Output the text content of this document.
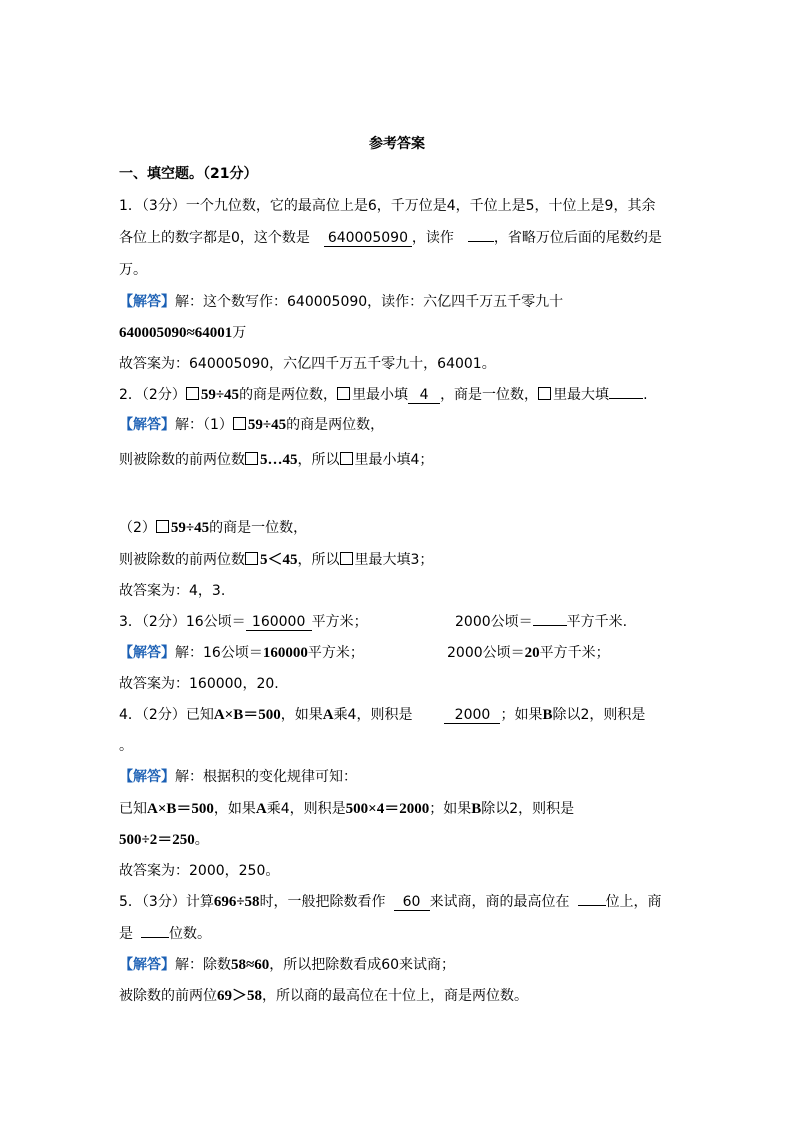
参考答案
一、填空题。（21分）
1．（3分）一个九位数，它的最高位上是6，千万位是4，千位上是5，十位上是9，其余
各位上的数字都是0，这个数是 640005090 ，读作	，省略万位后面的尾数约是
万。
【解答】解：这个数写作：640005090，读作：六亿四千万五千零九十
640005090≈64001万
故答案为：640005090，六亿四千万五千零九十，64001。
2．（2分） 59÷45的商是两位数， 里最小填 4 ，商是一位数， 里最大填 .
【解答】解：（1） 59÷45的商是两位数，
则被除数的前两位数 5…45，所以 里最小填4；
（2） 59÷45的商是一位数，
则被除数的前两位数 5＜45，所以 里最大填3；
故答案为：4，3.
3．（2分）16公顷＝ 160000 平方米；	2000公顷＝ 平方千米.
【解答】解：16公顷＝160000平方米；	2000公顷＝20平方千米；
故答案为：160000，20.
4．（2分）已知A×B＝500，如果A乘4，则积是	2000 ；如果B除以2，则积是
。
【解答】解：根据积的变化规律可知：
已知A×B＝500，如果A乘4，则积是500×4＝2000；如果B除以2，则积是
500÷2＝250。
故答案为：2000，250。
5．（3分）计算696÷58时，一般把除数看作 60 来试商，商的最高位在	位上，商
是	位数。
【解答】解：除数58≈60，所以把除数看成60来试商；
被除数的前两位69＞58，所以商的最高位在十位上，商是两位数。
